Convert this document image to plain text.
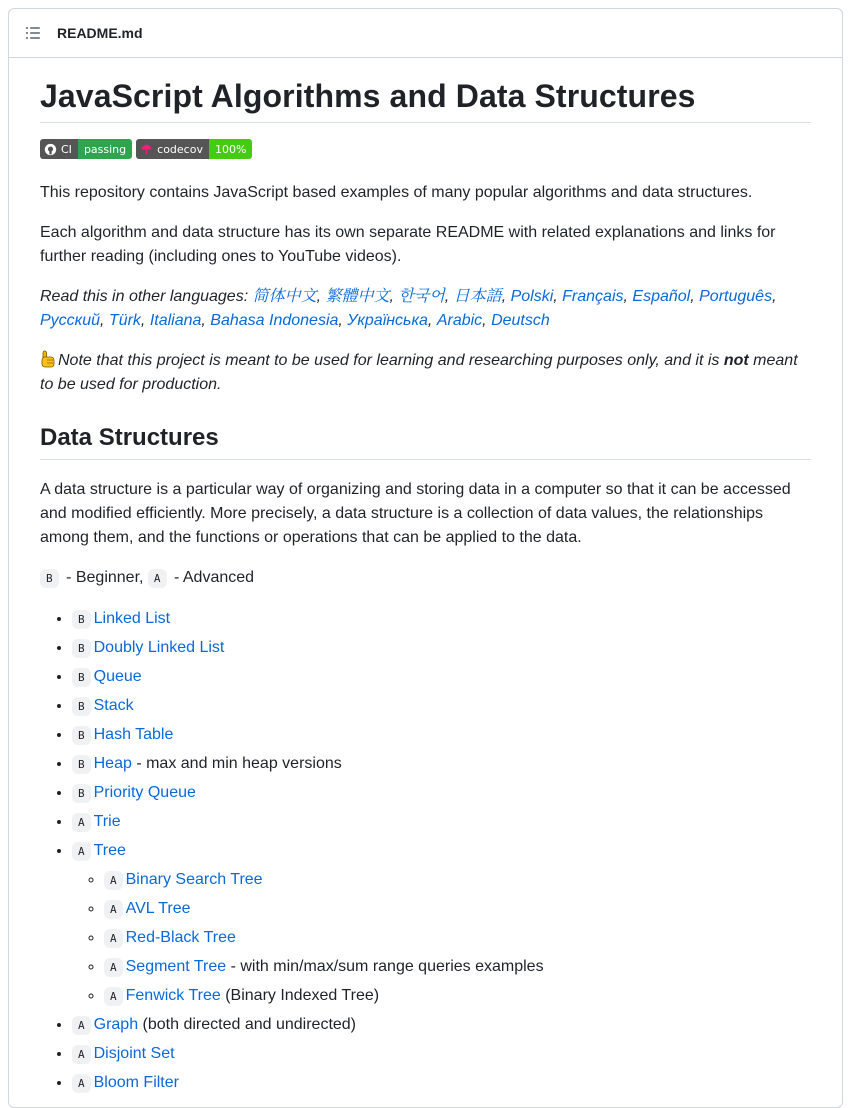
README.md
JavaScript Algorithms and Data Structures
CI	passing	codecov	100%

This repository contains JavaScript based examples of many popular algorithms and data structures.

Each algorithm and data structure has its own separate README with related explanations and links for further reading (including ones to YouTube videos).

Read this in other languages: 简体中文, 繁體中文, 한국어, 日本語, Polski, Français, Español, Português, Русский, Türk, Italiana, Bahasa Indonesia, Українська, Arabic, Deutsch

Note that this project is meant to be used for learning and researching purposes only, and it is not meant to be used for production.

Data Structures

A data structure is a particular way of organizing and storing data in a computer so that it can be accessed and modified efficiently. More precisely, a data structure is a collection of data values, the relationships among them, and the functions or operations that can be applied to the data.

B - Beginner, A - Advanced

• B Linked List
• B Doubly Linked List
• B Queue
• B Stack
• B Hash Table
• B Heap - max and min heap versions
• B Priority Queue
• A Trie
• A Tree
◦ A Binary Search Tree
◦ A AVL Tree
◦ A Red-Black Tree
◦ A Segment Tree - with min/max/sum range queries examples
◦ A Fenwick Tree (Binary Indexed Tree)
• A Graph (both directed and undirected)
• A Disjoint Set
• A Bloom Filter
